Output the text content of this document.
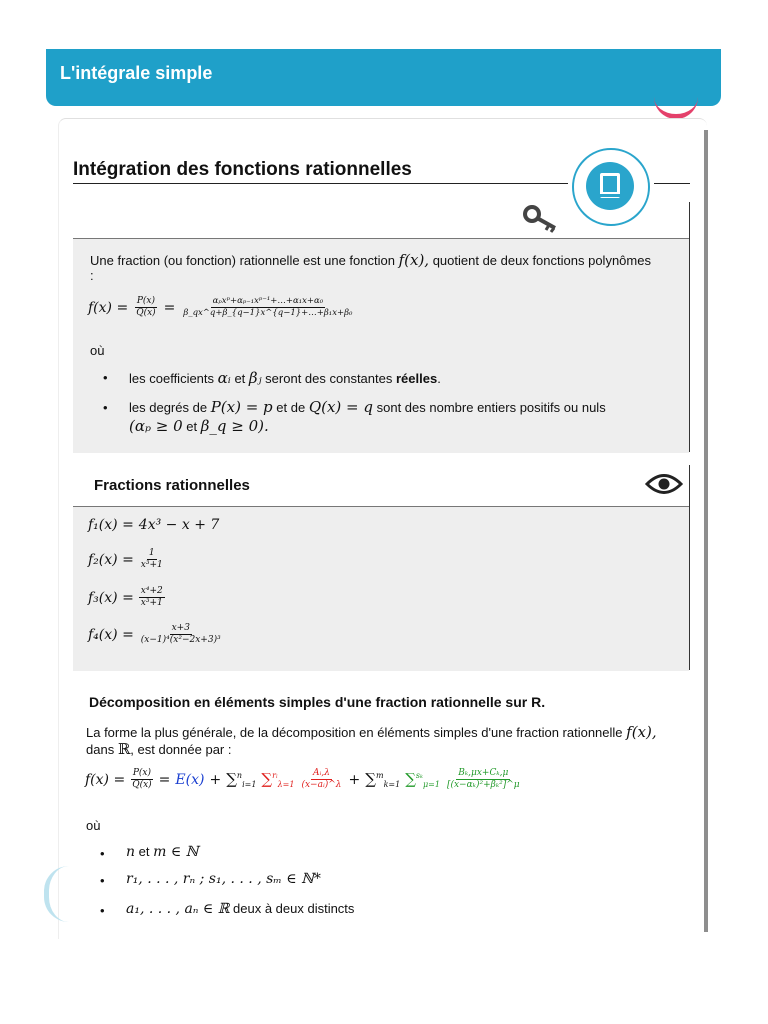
L'intégrale simple
Intégration des fonctions rationnelles
Une fraction (ou fonction) rationnelle est une fonction f(x), quotient de deux fonctions polynômes
:
$f(x) = \frac{P(x)}{Q(x)} = \frac{\text{αₚxᵖ+αₚ₋₁xᵖ⁻¹+…+α₁x+α₀}}{\text{β\_qx\textasciicircum{}q+β\_\{q−1\}x\textasciicircum{}\{q−1\}+…+β₁x+β₀}}$
où
• les coefficients αᵢ et βⱼ seront des constantes réelles.
• les degrés de P(x) = p et de Q(x) = q sont des nombre entiers positifs ou nuls
(αₚ ≥ 0 et β_q ≥ 0).
Fractions rationnelles
f₁(x) = 4x³ − x + 7
$f_2(x) = \frac{1}{\text{x³+1}}$
$f_3(x) = \frac{\text{x⁴+2}}{\text{x³+1}}$
$f_4(x) = \frac{x+3}{\text{(x−1)⁴(x²−2x+3)³}}$
Décomposition en éléments simples d'une fraction rationnelle sur R.
La forme la plus générale, de la décomposition en éléments simples d'une fraction rationnelle f(x),
dans ℝ, est donnée par :
$f(x) = \frac{P(x)}{Q(x)} = E(x) + \sum^n_{i=1}$ $\sum^{rᵢ}_{\lambda=1} \frac{\text{Aᵢ,λ}}{\text{(x−aᵢ)\textasciicircum{}λ}} + \sum^m_{k=1}$ $\sum^{s_k}_{\mu=1} \frac{\text{Bₖ,μx+Cₖ,μ}}{\text{[(x−αₖ)²+βₖ²]\textasciicircum{}μ}}$
où
• n et m ∈ ℕ
• r₁, . . . , rₙ ; s₁, . . . , sₘ ∈ ℕ*
• a₁, . . . , aₙ ∈ ℝ deux à deux distincts
